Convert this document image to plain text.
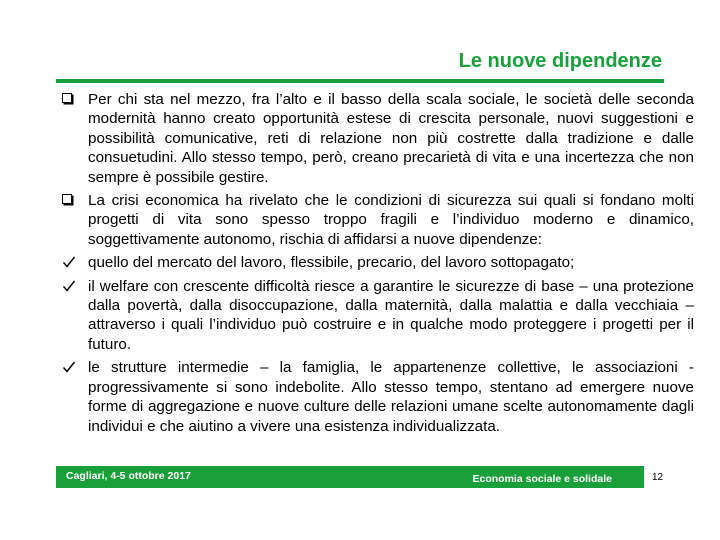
Le nuove dipendenze
Per chi sta nel mezzo, fra l’alto e il basso della scala sociale, le società delle seconda modernità hanno creato opportunità estese di crescita personale, nuovi suggestioni e possibilità comunicative, reti di relazione non più costrette dalla tradizione e dalle consuetudini. Allo stesso tempo, però, creano precarietà di vita e una incertezza che non sempre è possibile gestire.
La crisi economica ha rivelato che le condizioni di sicurezza sui quali si fondano molti progetti di vita sono spesso troppo fragili e l’individuo moderno e dinamico, soggettivamente autonomo, rischia di affidarsi a nuove dipendenze:
quello del mercato del lavoro, flessibile, precario, del lavoro sottopagato;
il welfare con crescente difficoltà riesce a garantire le sicurezze di base – una protezione dalla povertà, dalla disoccupazione, dalla maternità, dalla malattia e dalla vecchiaia – attraverso i quali l’individuo può costruire e in qualche modo proteggere i progetti per il futuro.
le strutture intermedie – la famiglia, le appartenenze collettive, le associazioni - progressivamente si sono indebolite. Allo stesso tempo, stentano ad emergere nuove forme di aggregazione e nuove culture delle relazioni umane scelte autonomamente dagli individui e che aiutino a vivere una esistenza individualizzata.
Cagliari, 4-5 ottobre 2017	Economia sociale e solidale	12
